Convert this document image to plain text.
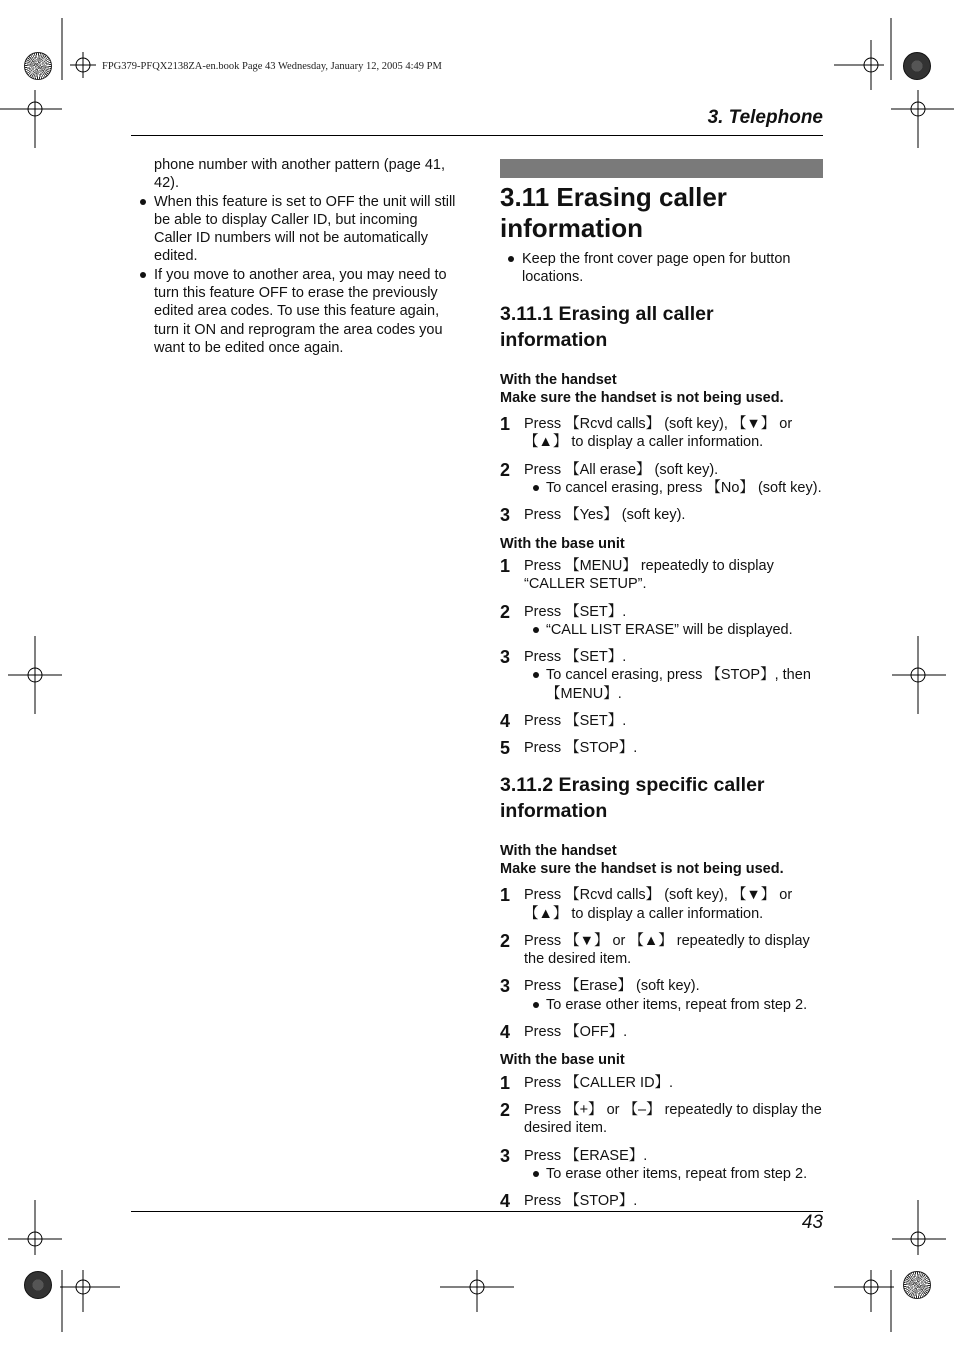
FPG379-PFQX2138ZA-en.book Page 43 Wednesday, January 12, 2005 4:49 PM
3. Telephone
phone number with another pattern (page 41, 42).
When this feature is set to OFF the unit will still be able to display Caller ID, but incoming Caller ID numbers will not be automatically edited.
If you move to another area, you may need to turn this feature OFF to erase the previously edited area codes. To use this feature again, turn it ON and reprogram the area codes you want to be edited once again.
3.11 Erasing caller information
Keep the front cover page open for button locations.
3.11.1 Erasing all caller information
With the handset
Make sure the handset is not being used.
1 Press 【Rcvd calls】 (soft key), 【▼】 or 【▲】 to display a caller information.
2 Press 【All erase】 (soft key).
To cancel erasing, press 【No】 (soft key).
3 Press 【Yes】 (soft key).
With the base unit
1 Press 【MENU】 repeatedly to display “CALLER SETUP”.
2 Press 【SET】.
“CALL LIST ERASE” will be displayed.
3 Press 【SET】.
To cancel erasing, press 【STOP】, then 【MENU】.
4 Press 【SET】.
5 Press 【STOP】.
3.11.2 Erasing specific caller information
With the handset
Make sure the handset is not being used.
1 Press 【Rcvd calls】 (soft key), 【▼】 or 【▲】 to display a caller information.
2 Press 【▼】 or 【▲】 repeatedly to display the desired item.
3 Press 【Erase】 (soft key).
To erase other items, repeat from step 2.
4 Press 【OFF】.
With the base unit
1 Press 【CALLER ID】.
2 Press 【+】 or 【–】 repeatedly to display the desired item.
3 Press 【ERASE】.
To erase other items, repeat from step 2.
4 Press 【STOP】.
43
